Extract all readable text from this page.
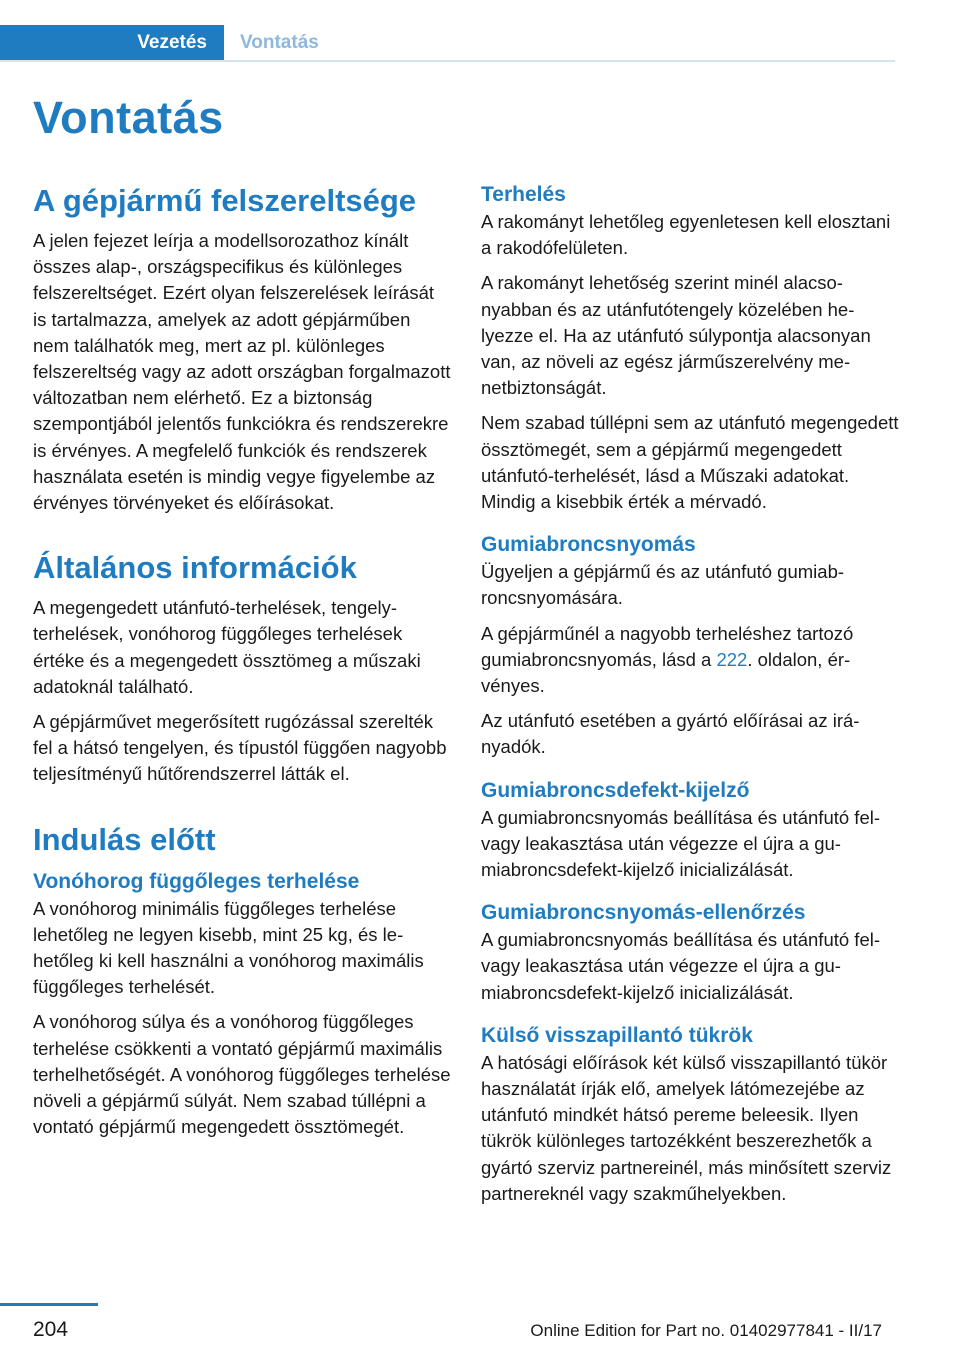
Vezetés	Vontatás
Vontatás
A gépjármű felszereltsége

A jelen fejezet leírja a modellsorozathoz kínált összes alap-, országspecifikus és különleges felszereltséget. Ezért olyan felszerelések leírását is tartalmazza, amelyek az adott gépjárműben nem találhatók meg, mert az pl. különleges felszereltség vagy az adott országban forgalmazott változatban nem elérhető. Ez a biztonság szempontjából jelentős funkciókra és rendszerekre is érvényes. A megfelelő funkciók és rendszerek használata esetén is mindig vegye figyelembe az érvényes törvényeket és előírásokat.

Általános információk

A megengedett utánfutó-terhelések, tengelyterhelések, vonóhorog függőleges terhelések értéke és a megengedett össztömeg a műszaki adatoknál található.

A gépjárművet megerősített rugózással szerelték fel a hátsó tengelyen, és típustól függően nagyobb teljesítményű hűtőrendszerrel látták el.

Indulás előtt
Vonóhorog függőleges terhelése

A vonóhorog minimális függőleges terhelése lehetőleg ne legyen kisebb, mint 25 kg, és lehetőleg ki kell használni a vonóhorog maximális függőleges terhelését.

A vonóhorog súlya és a vonóhorog függőleges terhelése csökkenti a vontató gépjármű maximális terhelhetőségét. A vonóhorog függőleges terhelése növeli a gépjármű súlyát. Nem szabad túllépni a vontató gépjármű megengedett össztömegét.

Terhelés

A rakományt lehetőleg egyenletesen kell elosztani a rakodófelületen.

A rakományt lehetőség szerint minél alacsonyabban és az utánfutótengely közelében helyezze el. Ha az utánfutó súlypontja alacsonyan van, az növeli az egész járműszerelvény menetbiztonságát.

Nem szabad túllépni sem az utánfutó megengedett össztömegét, sem a gépjármű megengedett utánfutó-terhelését, lásd a Műszaki adatokat. Mindig a kisebbik érték a mérvadó.

Gumiabroncsnyomás

Ügyeljen a gépjármű és az utánfutó gumiabroncsnyomására.

A gépjárműnél a nagyobb terheléshez tartozó gumiabroncsnyomás, lásd a 222. oldalon, érvényes.

Az utánfutó esetében a gyártó előírásai az irányadók.

Gumiabroncsdefekt-kijelző

A gumiabroncsnyomás beállítása és utánfutó fel- vagy leakasztása után végezze el újra a gumiabroncsdefekt-kijelző inicializálását.

Gumiabroncsnyomás-ellenőrzés

A gumiabroncsnyomás beállítása és utánfutó fel- vagy leakasztása után végezze el újra a gumiabroncsdefekt-kijelző inicializálását.

Külső visszapillantó tükrök

A hatósági előírások két külső visszapillantó tükör használatát írják elő, amelyek látómezejébe az utánfutó mindkét hátsó pereme beleesik. Ilyen tükrök különleges tartozékként beszerezhetők a gyártó szerviz partnereinél, más minősített szerviz partnereknél vagy szakműhelyekben.

204	Online Edition for Part no. 01402977841 - II/17
